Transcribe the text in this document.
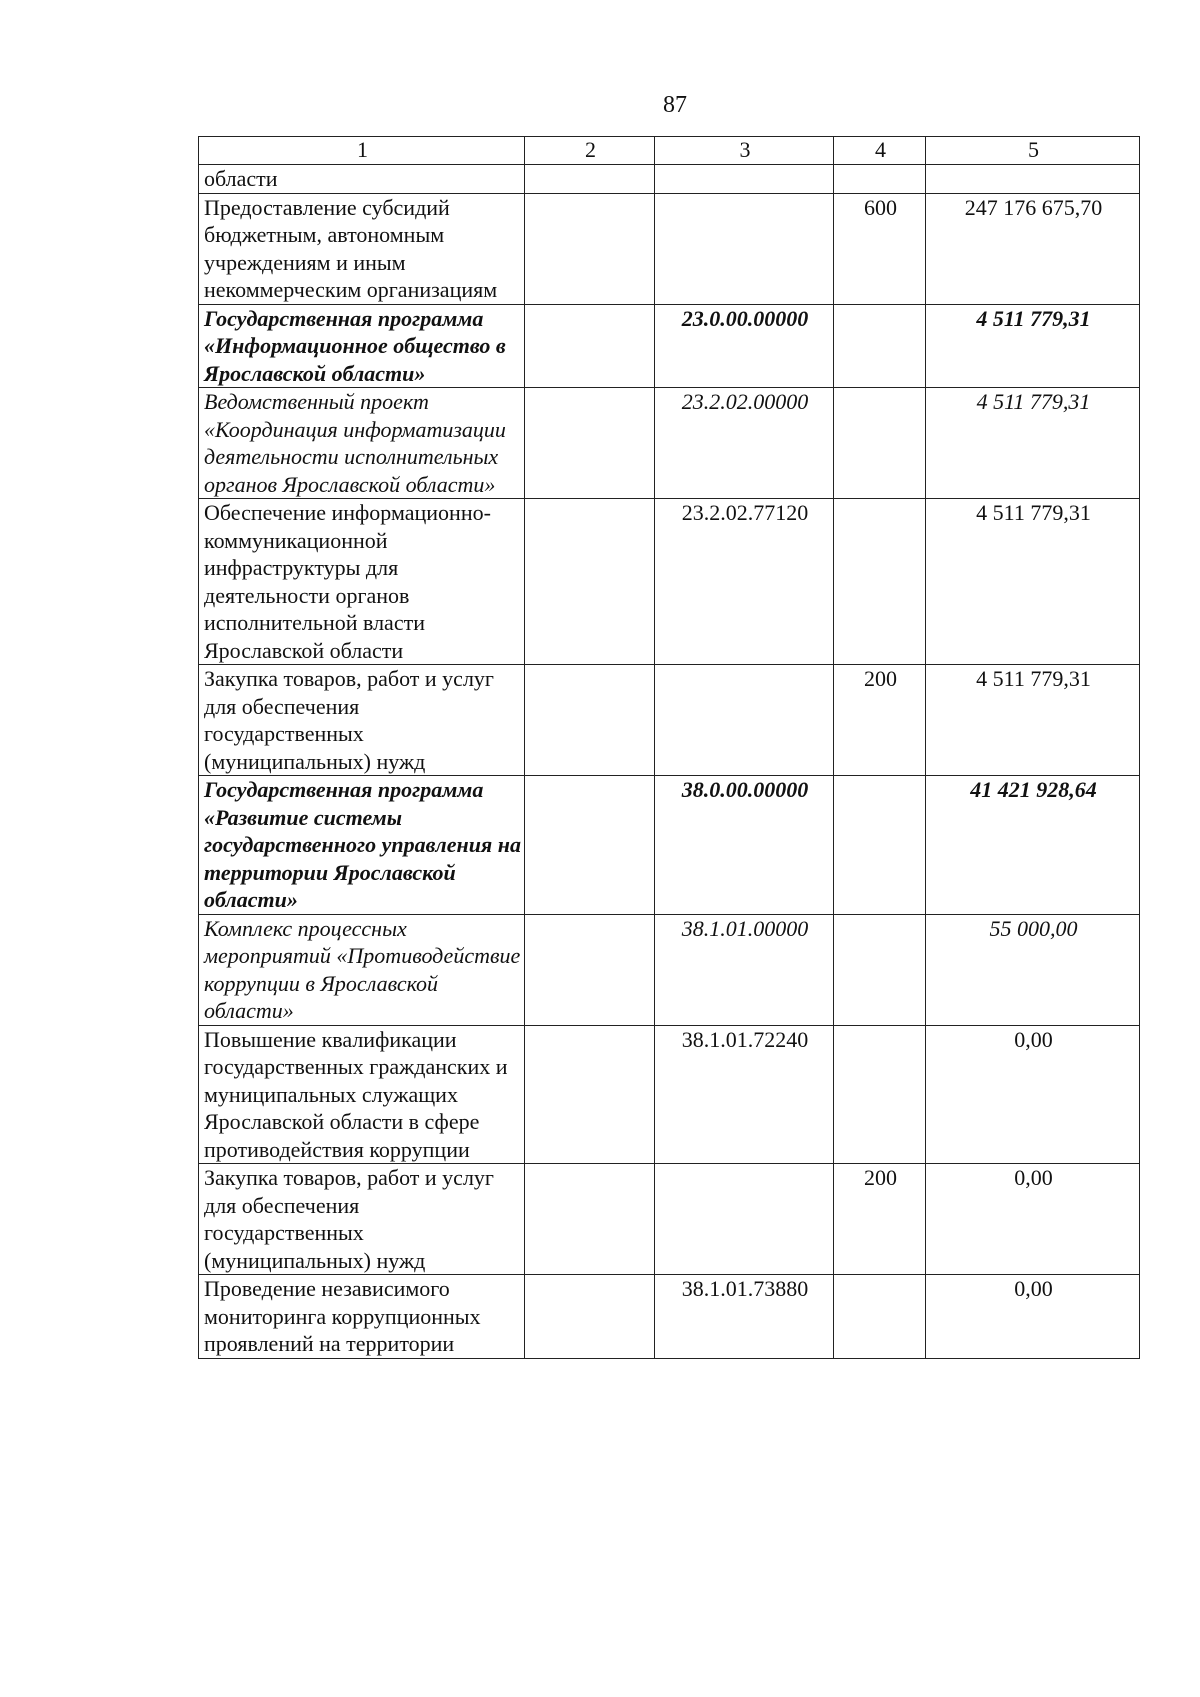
87
1	2	3	4	5
области				
Предоставление субсидий бюджетным, автономным учреждениям и иным некоммерческим организациям			600	247 176 675,70
Государственная программа «Информационное общество в Ярославской области»		23.0.00.00000		4 511 779,31
Ведомственный проект «Координация информатизации деятельности исполнительных органов Ярославской области»		23.2.02.00000		4 511 779,31
Обеспечение информационно-коммуникационной инфраструктуры для деятельности органов исполнительной власти Ярославской области		23.2.02.77120		4 511 779,31
Закупка товаров, работ и услуг для обеспечения государственных (муниципальных) нужд			200	4 511 779,31
Государственная программа «Развитие системы государственного управления на территории Ярославской области»		38.0.00.00000		41 421 928,64
Комплекс процессных мероприятий «Противодействие коррупции в Ярославской области»		38.1.01.00000		55 000,00
Повышение квалификации государственных гражданских и муниципальных служащих Ярославской области в сфере противодействия коррупции		38.1.01.72240		0,00
Закупка товаров, работ и услуг для обеспечения государственных (муниципальных) нужд			200	0,00
Проведение независимого мониторинга коррупционных проявлений на территории		38.1.01.73880		0,00
